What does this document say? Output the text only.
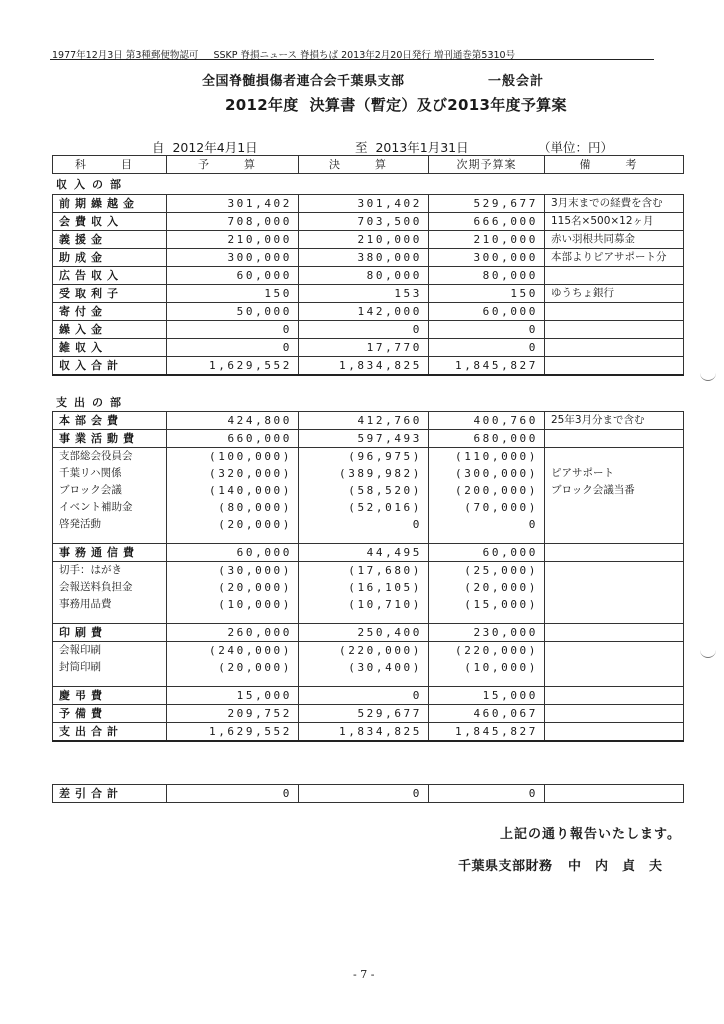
1977年12月3日 第3種郵便物認可     SSKP 脊損ニュース 脊損ちば 2013年2月20日発行 増刊通巻第5310号
全国脊髄損傷者連合会千葉県支部	一般会計
2012年度  決算書（暫定）及び2013年度予算案
自  2012年4月1日	至  2013年1月31日	（単位：円）
科　目	予　算	決　算	次期予算案	備　考
収入の部
前期繰越金	301,402	301,402	529,677	3月末までの経費を含む
会費収入	708,000	703,500	666,000	115名×500×12ヶ月
義援金	210,000	210,000	210,000	赤い羽根共同募金
助成金	300,000	380,000	300,000	本部よりピアサポート分
広告収入	60,000	80,000	80,000	
受取利子	150	153	150	ゆうちょ銀行
寄付金	50,000	142,000	60,000	
繰入金	0	0	0	
雑収入	0	17,770	0	
収入合計	1,629,552	1,834,825	1,845,827	
支出の部
本部会費	424,800	412,760	400,760	25年3月分まで含む
事業活動費	660,000	597,493	680,000	
支部総会役員会	(100,000)	(96,975)	(110,000)	
千葉リハ関係	(320,000)	(389,982)	(300,000)	ピアサポート
ブロック会議	(140,000)	(58,520)	(200,000)	ブロック会議当番
イベント補助金	(80,000)	(52,016)	(70,000)	
啓発活動	(20,000)	0	0	

事務通信費	60,000	44,495	60,000	
切手：はがき	(30,000)	(17,680)	(25,000)	
会報送料負担金	(20,000)	(16,105)	(20,000)	
事務用品費	(10,000)	(10,710)	(15,000)	

印刷費	260,000	250,400	230,000	
会報印刷	(240,000)	(220,000)	(220,000)	
封筒印刷	(20,000)	(30,400)	(10,000)	

慶弔費	15,000	0	15,000	
予備費	209,752	529,677	460,067	
支出合計	1,629,552	1,834,825	1,845,827	
差引合計	0	0	0	
上記の通り報告いたします。
千葉県支部財務 中内貞夫
- 7 -
